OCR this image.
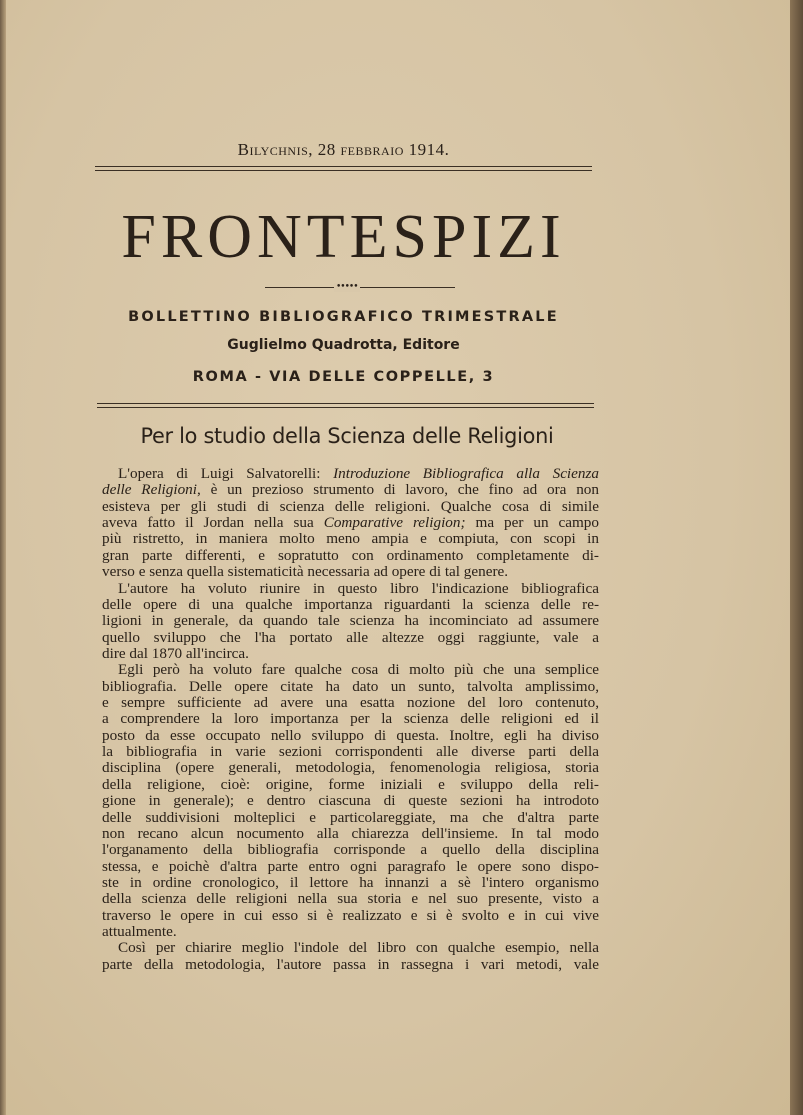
Bilychnis, 28 febbraio 1914.
FRONTESPIZI
•••••
BOLLETTINO BIBLIOGRAFICO TRIMESTRALE
Guglielmo Quadrotta, Editore
ROMA - VIA DELLE COPPELLE, 3
Per lo studio della Scienza delle Religioni
L'opera di Luigi Salvatorelli: Introduzione Bibliografica alla Scienza
delle Religioni, è un prezioso strumento di lavoro, che fino ad ora non
esisteva per gli studi di scienza delle religioni. Qualche cosa di simile
aveva fatto il Jordan nella sua Comparative religion; ma per un campo
più ristretto, in maniera molto meno ampia e compiuta, con scopi in
gran parte differenti, e sopratutto con ordinamento completamente di-
verso e senza quella sistematicità necessaria ad opere di tal genere.
L'autore ha voluto riunire in questo libro l'indicazione bibliografica
delle opere di una qualche importanza riguardanti la scienza delle re-
ligioni in generale, da quando tale scienza ha incominciato ad assumere
quello sviluppo che l'ha portato alle altezze oggi raggiunte, vale a
dire dal 1870 all'incirca.
Egli però ha voluto fare qualche cosa di molto più che una semplice
bibliografia. Delle opere citate ha dato un sunto, talvolta amplissimo,
e sempre sufficiente ad avere una esatta nozione del loro contenuto,
a comprendere la loro importanza per la scienza delle religioni ed il
posto da esse occupato nello sviluppo di questa. Inoltre, egli ha diviso
la bibliografia in varie sezioni corrispondenti alle diverse parti della
disciplina (opere generali, metodologia, fenomenologia religiosa, storia
della religione, cioè: origine, forme iniziali e sviluppo della reli-
gione in generale); e dentro ciascuna di queste sezioni ha introdoto
delle suddivisioni molteplici e particolareggiate, ma che d'altra parte
non recano alcun nocumento alla chiarezza dell'insieme. In tal modo
l'organamento della bibliografia corrisponde a quello della disciplina
stessa, e poichè d'altra parte entro ogni paragrafo le opere sono dispo-
ste in ordine cronologico, il lettore ha innanzi a sè l'intero organismo
della scienza delle religioni nella sua storia e nel suo presente, visto a
traverso le opere in cui esso si è realizzato e si è svolto e in cui vive
attualmente.
Così per chiarire meglio l'indole del libro con qualche esempio, nella
parte della metodologia, l'autore passa in rassegna i vari metodi, vale
